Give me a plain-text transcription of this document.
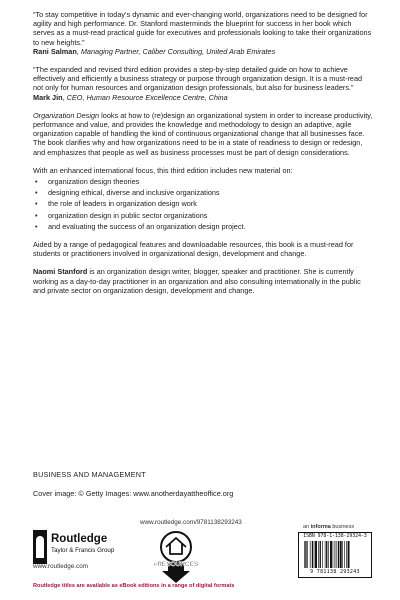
“To stay competitive in today’s dynamic and ever-changing world, organizations need to be designed for agility and high performance. Dr. Stanford masterminds the blueprint for success in her book which serves as a must-read practical guide for executives and professionals looking to take their organizations to new heights.”

Rani Salman, Managing Partner, Caliber Consulting, United Arab Emirates

“The expanded and revised third edition provides a step-by-step detailed guide on how to achieve effectively and efficiently a business strategy or purpose through organization design. It is a must-read not only for human resources and organization design professionals, but also for business leaders.”

Mark Jin, CEO, Human Resource Excellence Centre, China

Organization Design looks at how to (re)design an organizational system in order to increase productivity, performance and value, and provides the knowledge and methodology to design an adaptive, agile organization capable of handling the kind of continuous organizational change that all businesses face. The book clarifies why and how organizations need to be in a state of readiness to design or redesign, and emphasizes that people as well as business processes must be part of design considerations.

With an enhanced international focus, this third edition includes new material on:

• organization design theories
• designing ethical, diverse and inclusive organizations
• the role of leaders in organization design work
• organization design in public sector organizations
• and evaluating the success of an organization design project.

Aided by a range of pedagogical features and downloadable resources, this book is a must-read for students or practitioners involved in organizational design, development and change.

Naomi Stanford is an organization design writer, blogger, speaker and practitioner. She is currently working as a day-to-day practitioner in an organization and also consulting internationally in the public and private sector on organization design, development and change.

BUSINESS AND MANAGEMENT
Cover image: © Getty Images: www.anotherdayattheoffice.org
www.routledge.com/9781138293243
Routledge
Taylor & Francis Group
www.routledge.com	eRESOURCES
an informa business
ISBN 978-1-138-29324-3
9 781138 293243
Routledge titles are available as eBook editions in a range of digital formats
